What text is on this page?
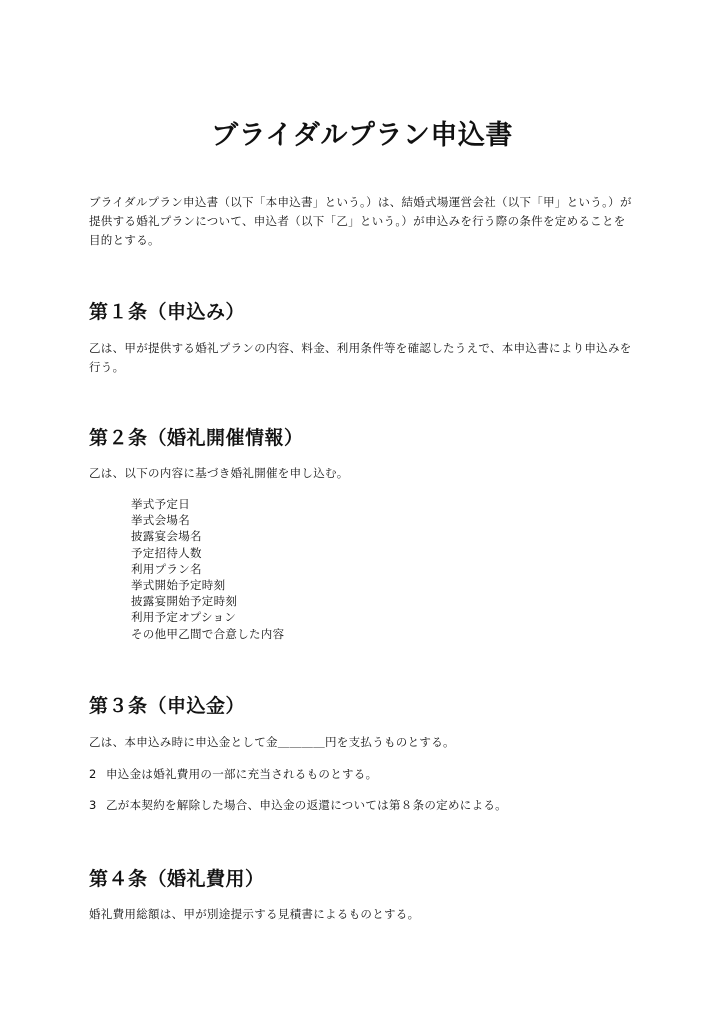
ブライダルプラン申込書

ブライダルプラン申込書（以下「本申込書」という。）は、結婚式場運営会社（以下「甲」という。）が提供する婚礼プランについて、申込者（以下「乙」という。）が申込みを行う際の条件を定めることを目的とする。

第１条（申込み）

乙は、甲が提供する婚礼プランの内容、料金、利用条件等を確認したうえで、本申込書により申込みを行う。

第２条（婚礼開催情報）

乙は、以下の内容に基づき婚礼開催を申し込む。

挙式予定日
挙式会場名
披露宴会場名
予定招待人数
利用プラン名
挙式開始予定時刻
披露宴開始予定時刻
利用予定オプション
その他甲乙間で合意した内容
第３条（申込金）

乙は、本申込み時に申込金として金＿＿＿＿円を支払うものとする。

2 申込金は婚礼費用の一部に充当されるものとする。

3 乙が本契約を解除した場合、申込金の返還については第８条の定めによる。

第４条（婚礼費用）

婚礼費用総額は、甲が別途提示する見積書によるものとする。
